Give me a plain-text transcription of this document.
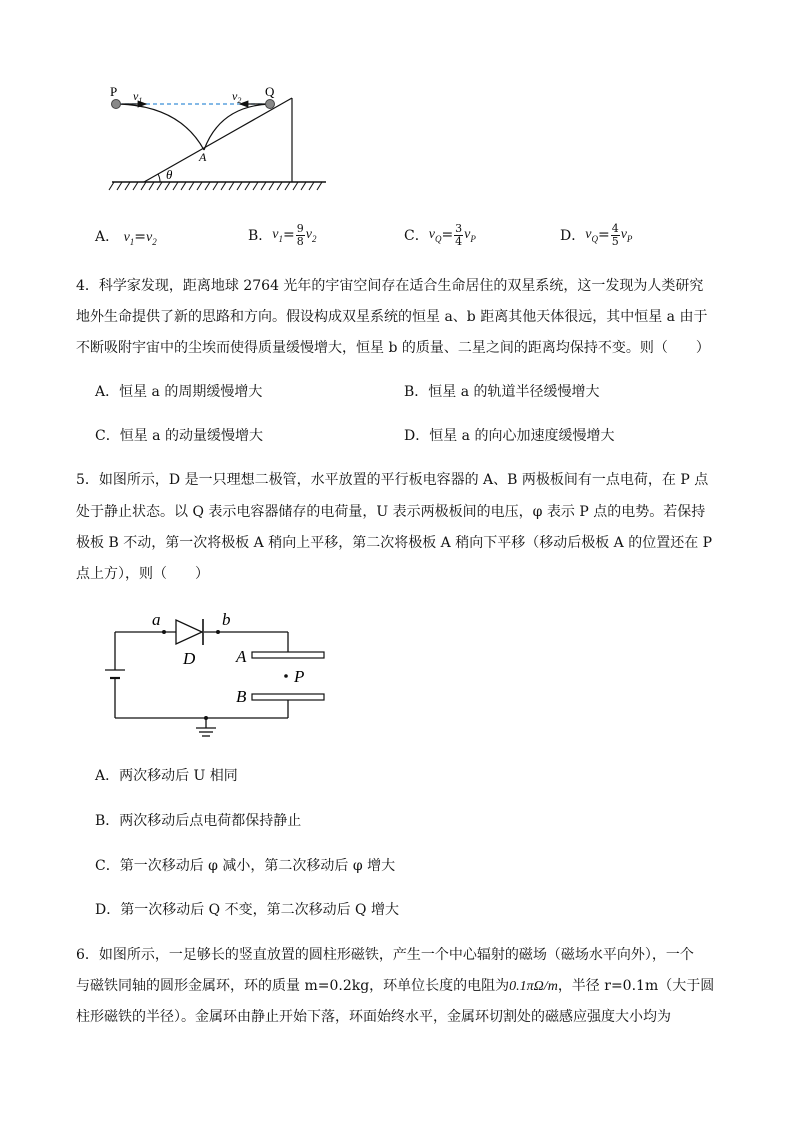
θ
P	Q
$v_1$	$v_2$
A
A． $v_1=v_2$	B． $v_1 = \frac{9}{8} v_2$	C． $v_Q = \frac{3}{4} v_P$	D． $v_Q = \frac{4}{5} v_P$
4．科学家发现，距离地球 2764 光年的宇宙空间存在适合生命居住的双星系统，这一发现为人类研究
地外生命提供了新的思路和方向。假设构成双星系统的恒星 a、b 距离其他天体很远，其中恒星 a 由于
不断吸附宇宙中的尘埃而使得质量缓慢增大，恒星 b 的质量、二星之间的距离均保持不变。则（　　）
A．恒星 a 的周期缓慢增大	B．恒星 a 的轨道半径缓慢增大
C．恒星 a 的动量缓慢增大	D．恒星 a 的向心加速度缓慢增大
5．如图所示，D 是一只理想二极管，水平放置的平行板电容器的 A、B 两极板间有一点电荷，在 P 点
处于静止状态。以 Q 表示电容器储存的电荷量，U 表示两极板间的电压，φ 表示 P 点的电势。若保持
极板 B 不动，第一次将极板 A 稍向上平移，第二次将极板 A 稍向下平移（移动后极板 A 的位置还在 P
点上方），则（　　）
a	b
D A
B
P
A．两次移动后 U 相同
B．两次移动后点电荷都保持静止
C．第一次移动后 φ 减小，第二次移动后 φ 增大
D．第一次移动后 Q 不变，第二次移动后 Q 增大
6．如图所示，一足够长的竖直放置的圆柱形磁铁，产生一个中心辐射的磁场（磁场水平向外），一个
与磁铁同轴的圆形金属环，环的质量 m=0.2kg，环单位长度的电阻为0.1πΩ/m，半径 r=0.1m（大于圆
柱形磁铁的半径）。金属环由静止开始下落，环面始终水平，金属环切割处的磁感应强度大小均为
